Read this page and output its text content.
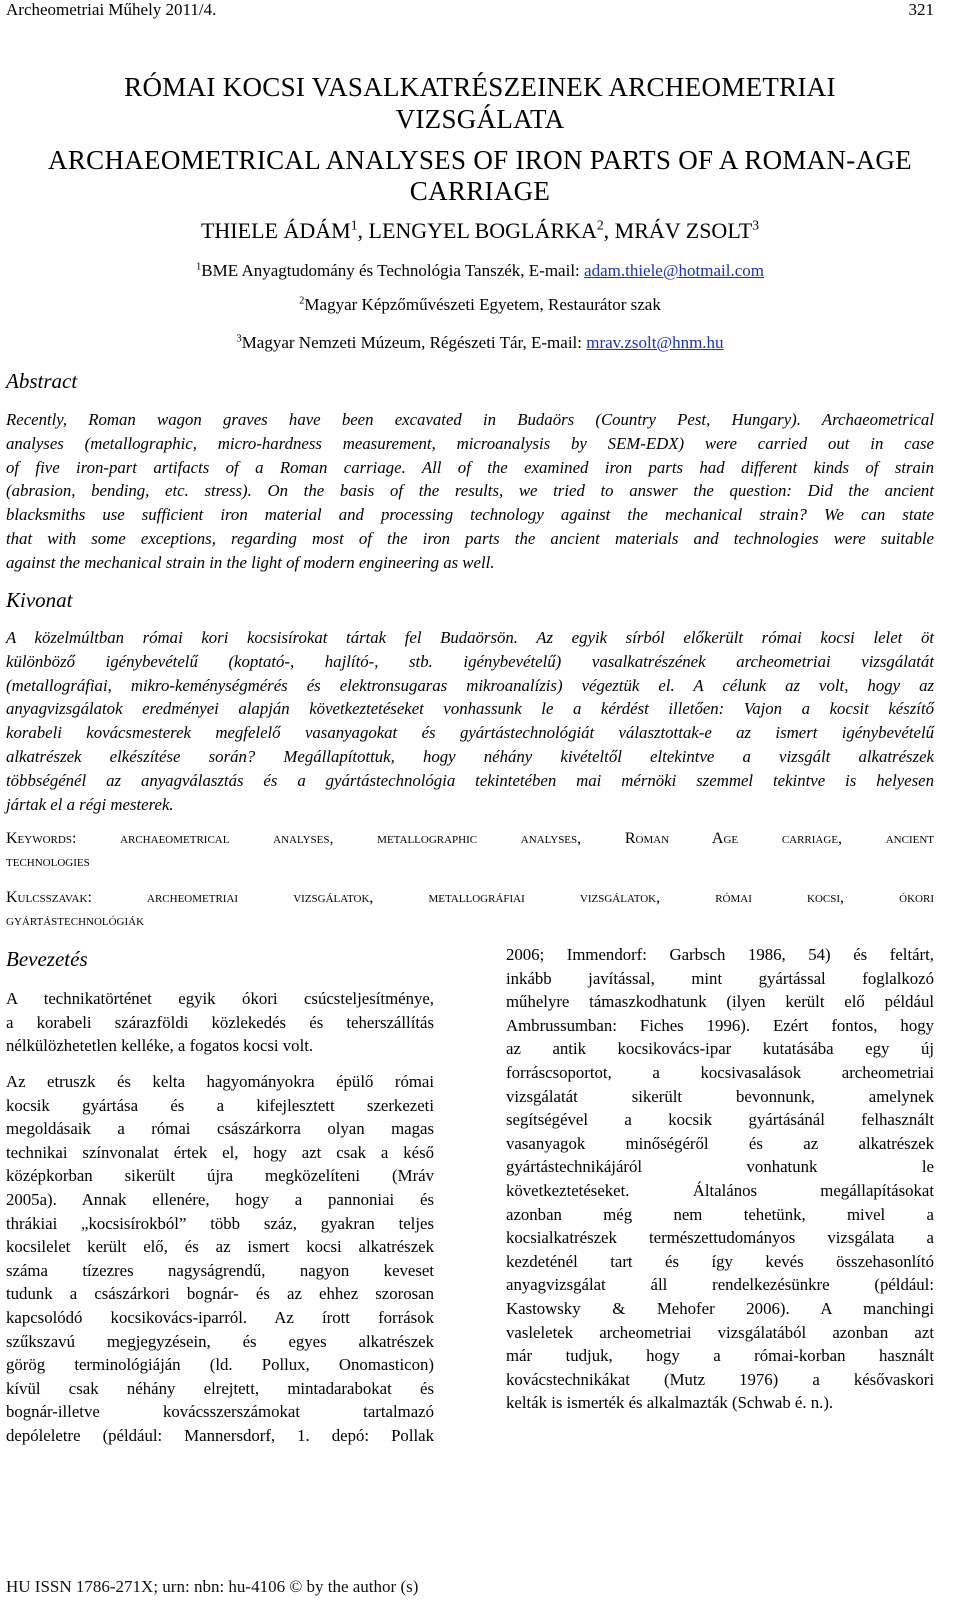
Archeometriai Műhely 2011/4.	321
RÓMAI KOCSI VASALKATRÉSZEINEK ARCHEOMETRIAI
VIZSGÁLATA
ARCHAEOMETRICAL ANALYSES OF IRON PARTS OF A ROMAN-AGE
CARRIAGE
THIELE ÁDÁM$^1$, LENGYEL BOGLÁRKA$^2$, MRÁV ZSOLT$^3$
$^1$BME Anyagtudomány és Technológia Tanszék, E-mail: adam.thiele@hotmail.com
$^2$Magyar Képzőművészeti Egyetem, Restaurátor szak
$^3$Magyar Nemzeti Múzeum, Régészeti Tár, E-mail: mrav.zsolt@hnm.hu
Abstract
Recently, Roman wagon graves have been excavated in Budaörs (Country Pest, Hungary). Archaeometrical
analyses (metallographic, micro-hardness measurement, microanalysis by SEM-EDX) were carried out in case
of five iron-part artifacts of a Roman carriage. All of the examined iron parts had different kinds of strain
(abrasion, bending, etc. stress). On the basis of the results, we tried to answer the question: Did the ancient
blacksmiths use sufficient iron material and processing technology against the mechanical strain? We can state
that with some exceptions, regarding most of the iron parts the ancient materials and technologies were suitable
against the mechanical strain in the light of modern engineering as well.
Kivonat
A közelmúltban római kori kocsisírokat tártak fel Budaörsön. Az egyik sírból előkerült római kocsi lelet öt
különböző igénybevételű (koptató-, hajlító-, stb. igénybevételű) vasalkatrészének archeometriai vizsgálatát
(metallográfiai, mikro-keménységmérés és elektronsugaras mikroanalízis) végeztük el. A célunk az volt, hogy az
anyagvizsgálatok eredményei alapján következtetéseket vonhassunk le a kérdést illetően: Vajon a kocsit készítő
korabeli kovácsmesterek megfelelő vasanyagokat és gyártástechnológiát választottak-e az ismert igénybevételű
alkatrészek elkészítése során? Megállapítottuk, hogy néhány kivételtől eltekintve a vizsgált alkatrészek
többségénél az anyagválasztás és a gyártástechnológia tekintetében mai mérnöki szemmel tekintve is helyesen
jártak el a régi mesterek.
Keywords: archaeometrical analyses, metallographic analyses, Roman Age carriage, ancient
technologies
Kulcsszavak: archeometriai vizsgálatok, metallográfiai vizsgálatok, római kocsi, ókori
gyártástechnológiák
Bevezetés
A technikatörténet egyik ókori csúcsteljesítménye,
a korabeli szárazföldi közlekedés és teherszállítás
nélkülözhetetlen kelléke, a fogatos kocsi volt.
Az etruszk és kelta hagyományokra épülő római
kocsik gyártása és a kifejlesztett szerkezeti
megoldásaik a római császárkorra olyan magas
technikai színvonalat értek el, hogy azt csak a késő
középkorban sikerült újra megközelíteni (Mráv
2005a). Annak ellenére, hogy a pannoniai és
thrákiai „kocsisírokból” több száz, gyakran teljes
kocsilelet került elő, és az ismert kocsi alkatrészek
száma tízezres nagyságrendű, nagyon keveset
tudunk a császárkori bognár- és az ehhez szorosan
kapcsolódó kocsikovács-iparról. Az írott források
szűkszavú megjegyzésein, és egyes alkatrészek
görög terminológiáján (ld. Pollux, Onomasticon)
kívül csak néhány elrejtett, mintadarabokat és
bognár-illetve kovácsszerszámokat tartalmazó
depóleletre (például: Mannersdorf, 1. depó: Pollak
2006; Immendorf: Garbsch 1986, 54) és feltárt,
inkább javítással, mint gyártással foglalkozó
műhelyre támaszkodhatunk (ilyen került elő például
Ambrussumban: Fiches 1996). Ezért fontos, hogy
az antik kocsikovács-ipar kutatásába egy új
forráscsoportot, a kocsivasalások archeometriai
vizsgálatát sikerült bevonnunk, amelynek
segítségével a kocsik gyártásánál felhasznált
vasanyagok minőségéről és az alkatrészek
gyártástechnikájáról vonhatunk le
következtetéseket. Általános megállapításokat
azonban még nem tehetünk, mivel a
kocsialkatrészek természettudományos vizsgálata a
kezdeténél tart és így kevés összehasonlító
anyagvizsgálat áll rendelkezésünkre (például:
Kastowsky & Mehofer 2006). A manchingi
vasleletek archeometriai vizsgálatából azonban azt
már tudjuk, hogy a római-korban használt
kovácstechnikákat (Mutz 1976) a késővaskori
kelták is ismerték és alkalmazták (Schwab é. n.).
HU ISSN 1786-271X; urn: nbn: hu-4106 © by the author (s)
